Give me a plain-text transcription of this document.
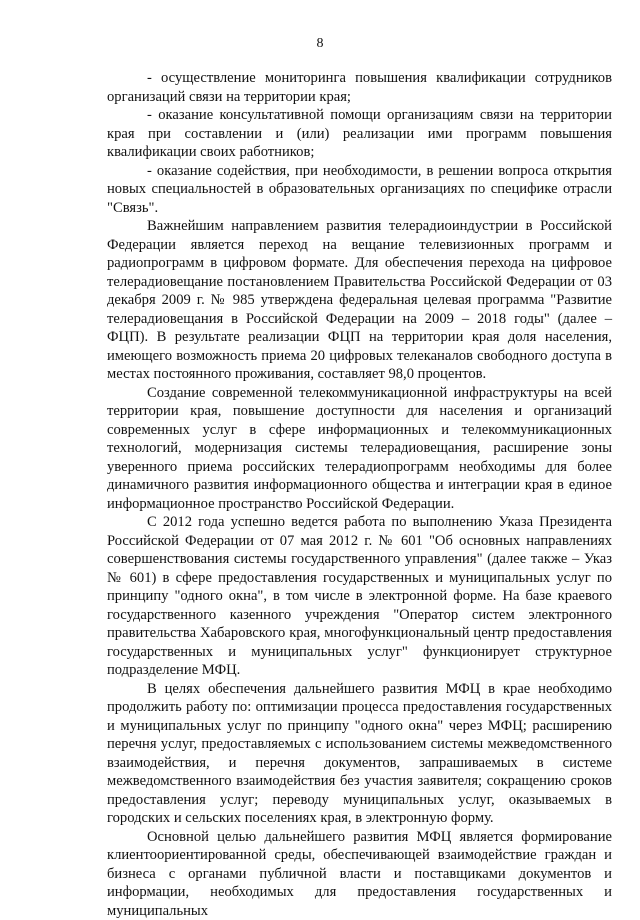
8

- осуществление мониторинга повышения квалификации сотрудников организаций связи на территории края;

- оказание консультативной помощи организациям связи на территории края при составлении и (или) реализации ими программ повышения квалификации своих работников;

- оказание содействия, при необходимости, в решении вопроса открытия новых специальностей в образовательных организациях по специфике отрасли "Связь".

Важнейшим направлением развития телерадиоиндустрии в Российской Федерации является переход на вещание телевизионных программ и радиопрограмм в цифровом формате. Для обеспечения перехода на цифровое телерадиовещание постановлением Правительства Российской Федерации от 03 декабря 2009 г. № 985 утверждена федеральная целевая программа "Развитие телерадиовещания в Российской Федерации на 2009 – 2018 годы" (далее – ФЦП). В результате реализации ФЦП на территории края доля населения, имеющего возможность приема 20 цифровых телеканалов свободного доступа в местах постоянного проживания, составляет 98,0 процентов.

Создание современной телекоммуникационной инфраструктуры на всей территории края, повышение доступности для населения и организаций современных услуг в сфере информационных и телекоммуникационных технологий, модернизация системы телерадиовещания, расширение зоны уверенного приема российских телерадиопрограмм необходимы для более динамичного развития информационного общества и интеграции края в единое информационное пространство Российской Федерации.

С 2012 года успешно ведется работа по выполнению Указа Президента Российской Федерации от 07 мая 2012 г. № 601 "Об основных направлениях совершенствования системы государственного управления" (далее также – Указ № 601) в сфере предоставления государственных и муниципальных услуг по принципу "одного окна", в том числе в электронной форме. На базе краевого государственного казенного учреждения "Оператор систем электронного правительства Хабаровского края, многофункциональный центр предоставления государственных и муниципальных услуг" функционирует структурное подразделение МФЦ.

В целях обеспечения дальнейшего развития МФЦ в крае необходимо продолжить работу по: оптимизации процесса предоставления государственных и муниципальных услуг по принципу "одного окна" через МФЦ; расширению перечня услуг, предоставляемых с использованием системы межведомственного взаимодействия, и перечня документов, запрашиваемых в системе межведомственного взаимодействия без участия заявителя; сокращению сроков предоставления услуг; переводу муниципальных услуг, оказываемых в городских и сельских поселениях края, в электронную форму.

Основной целью дальнейшего развития МФЦ является формирование клиентоориентированной среды, обеспечивающей взаимодействие граждан и бизнеса с органами публичной власти и поставщиками документов и информации, необходимых для предоставления государственных и муниципальных
